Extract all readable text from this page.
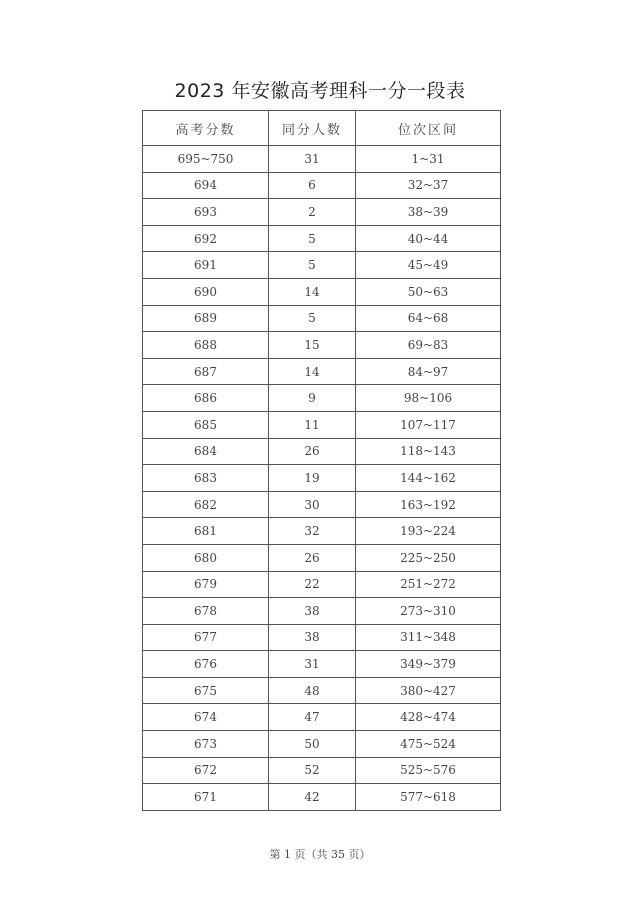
2023 年安徽高考理科一分一段表
高考分数	同分人数	位次区间
695~750	31	1~31
694	6	32~37
693	2	38~39
692	5	40~44
691	5	45~49
690	14	50~63
689	5	64~68
688	15	69~83
687	14	84~97
686	9	98~106
685	11	107~117
684	26	118~143
683	19	144~162
682	30	163~192
681	32	193~224
680	26	225~250
679	22	251~272
678	38	273~310
677	38	311~348
676	31	349~379
675	48	380~427
674	47	428~474
673	50	475~524
672	52	525~576
671	42	577~618
第 1 页（共 35 页）
